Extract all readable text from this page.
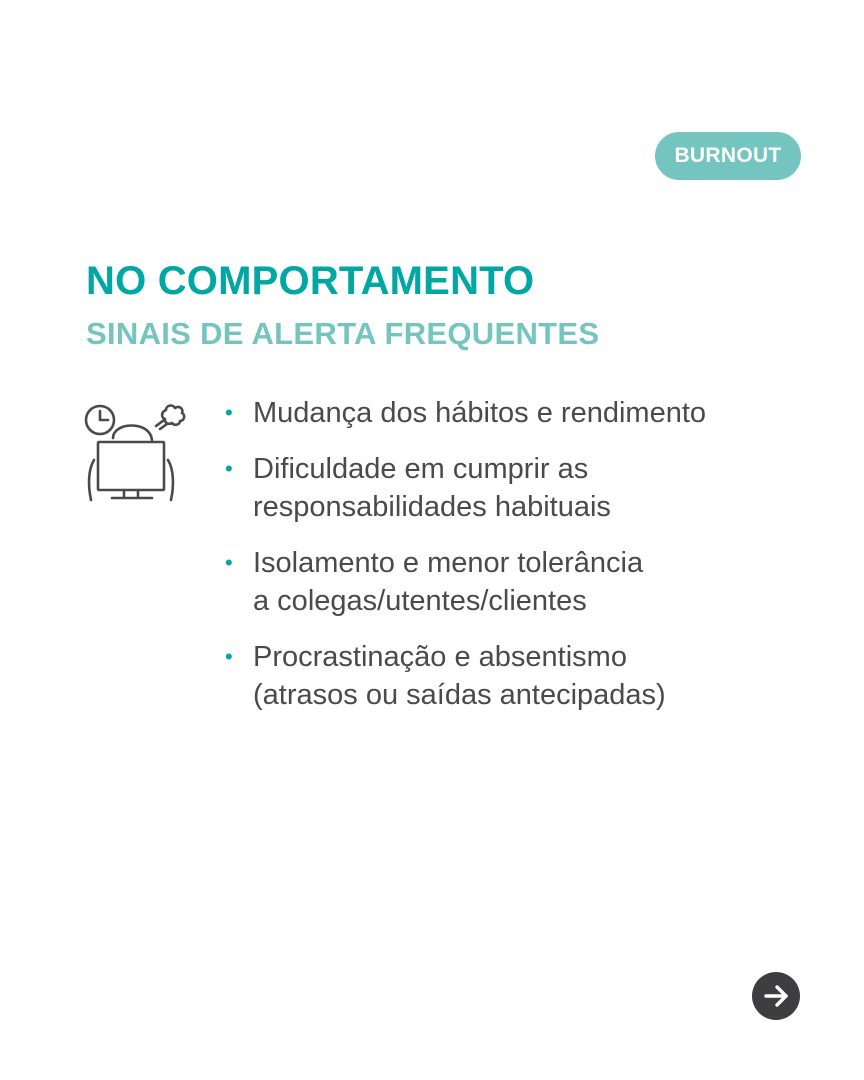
BURNOUT
NO COMPORTAMENTO
SINAIS DE ALERTA FREQUENTES
• Mudança dos hábitos e rendimento
• Dificuldade em cumprir as
responsabilidades habituais
• Isolamento e menor tolerância
a colegas/utentes/clientes
• Procrastinação e absentismo
(atrasos ou saídas antecipadas)
